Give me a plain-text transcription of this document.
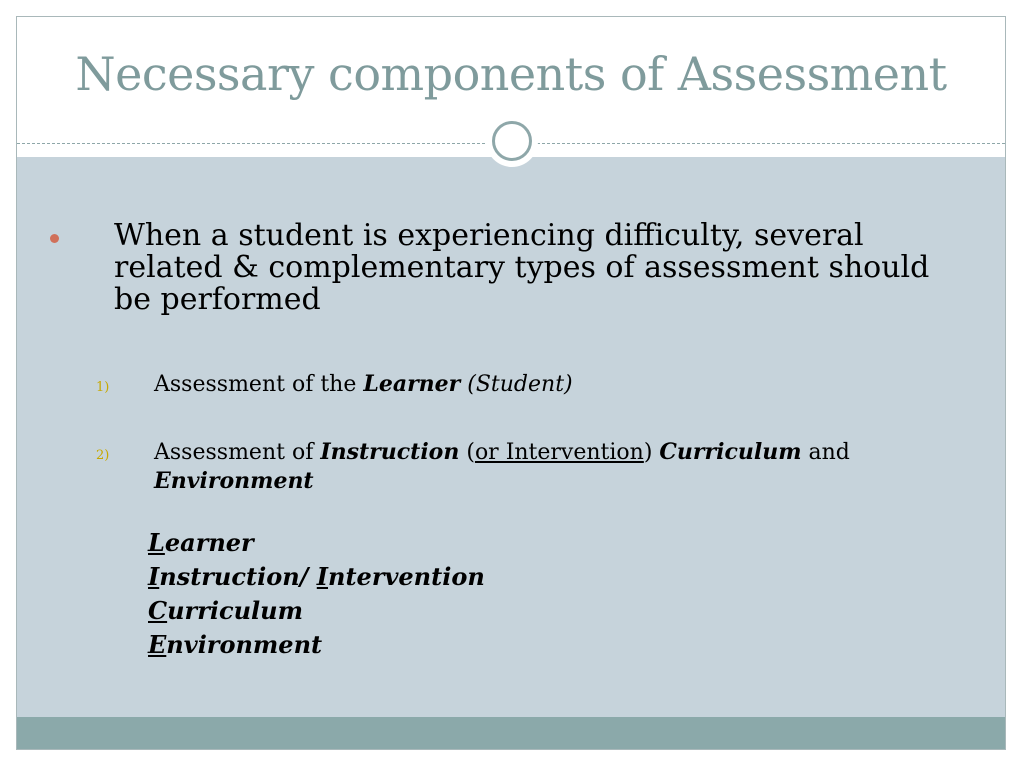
Necessary components of Assessment
When a student is experiencing difficulty, several related & complementary types of assessment should be performed
1) Assessment of the Learner (Student)
2) Assessment of Instruction (or Intervention) Curriculum and Environment
Learner
Instruction/ Intervention
Curriculum
Environment
